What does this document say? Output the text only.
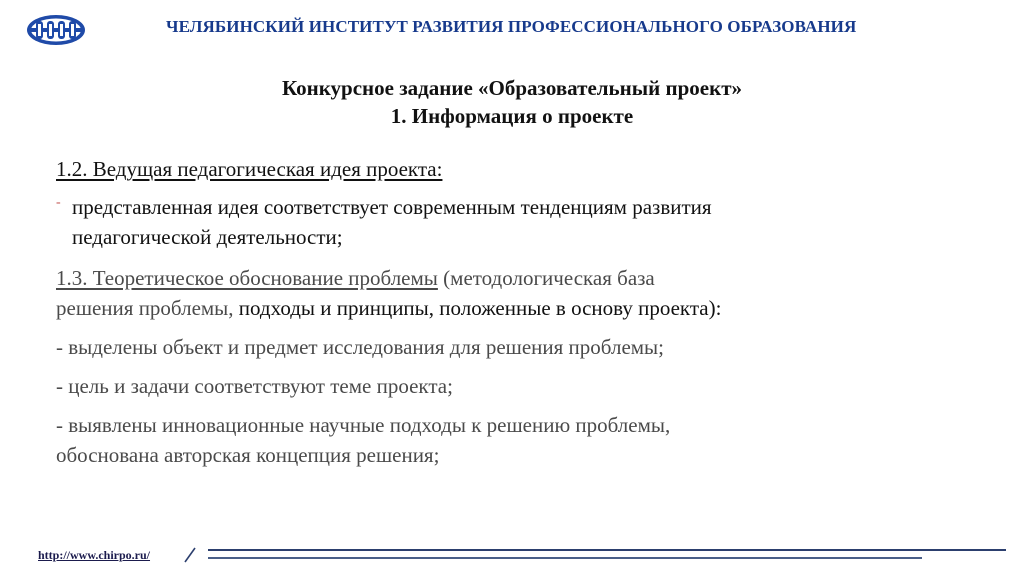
ЧЕЛЯБИНСКИЙ ИНСТИТУТ РАЗВИТИЯ ПРОФЕССИОНАЛЬНОГО ОБРАЗОВАНИЯ
Конкурсное задание «Образовательный проект»
1. Информация о проекте
1.2. Ведущая педагогическая идея проекта:
- представленная идея соответствует современным тенденциям развития
педагогической деятельности;
1.3. Теоретическое обоснование проблемы (методологическая база
решения проблемы, подходы и принципы, положенные в основу проекта):
- выделены объект и предмет исследования для решения проблемы;
- цель и задачи соответствуют теме проекта;
- выявлены инновационные научные подходы к решению проблемы,
обоснована авторская концепция решения;
http://www.chirpo.ru/
